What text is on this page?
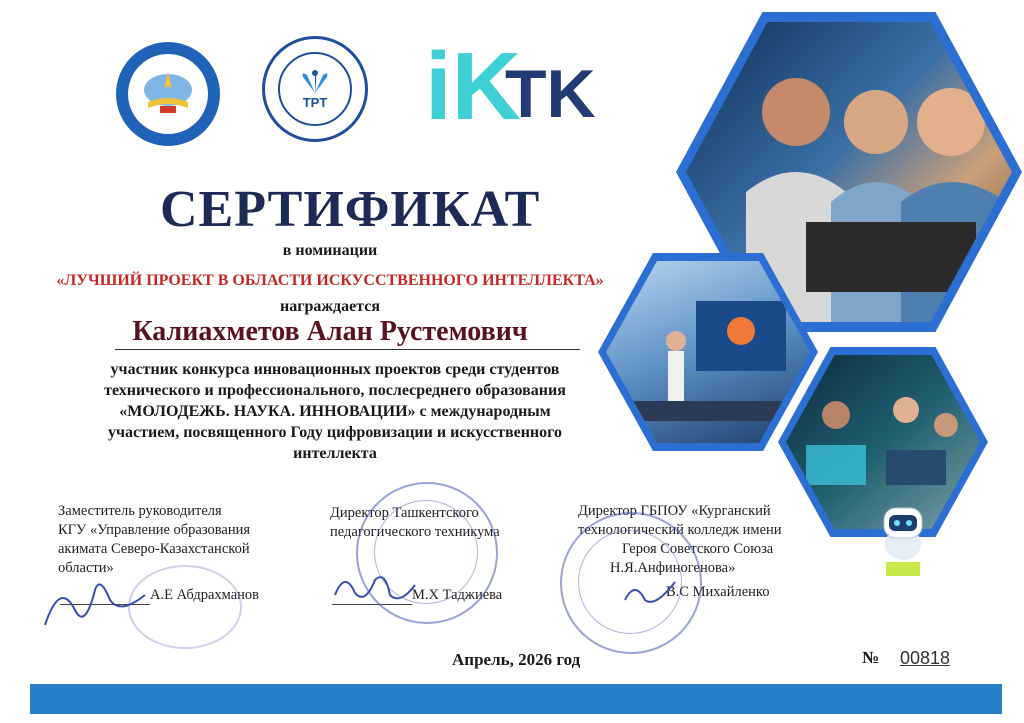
TPT iK
TK
СЕРТИФИКАТ
в номинации
«ЛУЧШИЙ ПРОЕКТ В ОБЛАСТИ ИСКУССТВЕННОГО ИНТЕЛЛЕКТА»
награждается
Калиахметов Алан Рустемович
участник конкурса инновационных проектов среди студентов
технического и профессионального, послесреднего образования
«МОЛОДЕЖЬ. НАУКА. ИННОВАЦИИ» с международным
участием, посвященного Году цифровизации и искусственного
интеллекта
Заместитель руководителя
КГУ «Управление образования
акимата Северо-Казахстанской
области»
А.Е Абдрахманов
Директор Ташкентского
педагогического техникума
М.Х Таджиева
Директор ГБПОУ «Курганский
технологический колледж имени
Героя Советского Союза
Н.Я.Анфиногенова»
В.С Михайленко
Апрель, 2026 год	№ 00818
